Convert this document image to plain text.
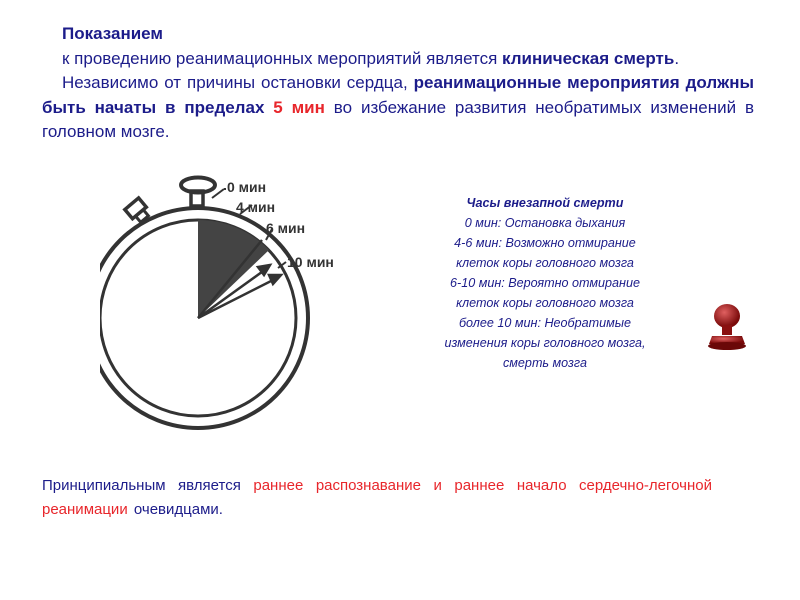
Показанием

к проведению реанимационных мероприятий является клиническая смерть.

Независимо от причины остановки сердца, реанимационные мероприятия должны быть начаты в пределах 5 мин во избежание развития необратимых изменений в головном мозге.

0 мин
4 мин
6 мин
10 мин
Часы внезапной смерти
0 мин: Остановка дыхания
4-6 мин: Возможно отмирание
клеток коры головного мозга
6-10 мин: Вероятно отмирание
клеток коры головного мозга
более 10 мин: Необратимые
изменения коры головного мозга,
смерть мозга
Принципиальным является раннее распознавание и раннее начало сердечно-легочной реанимации очевидцами.
